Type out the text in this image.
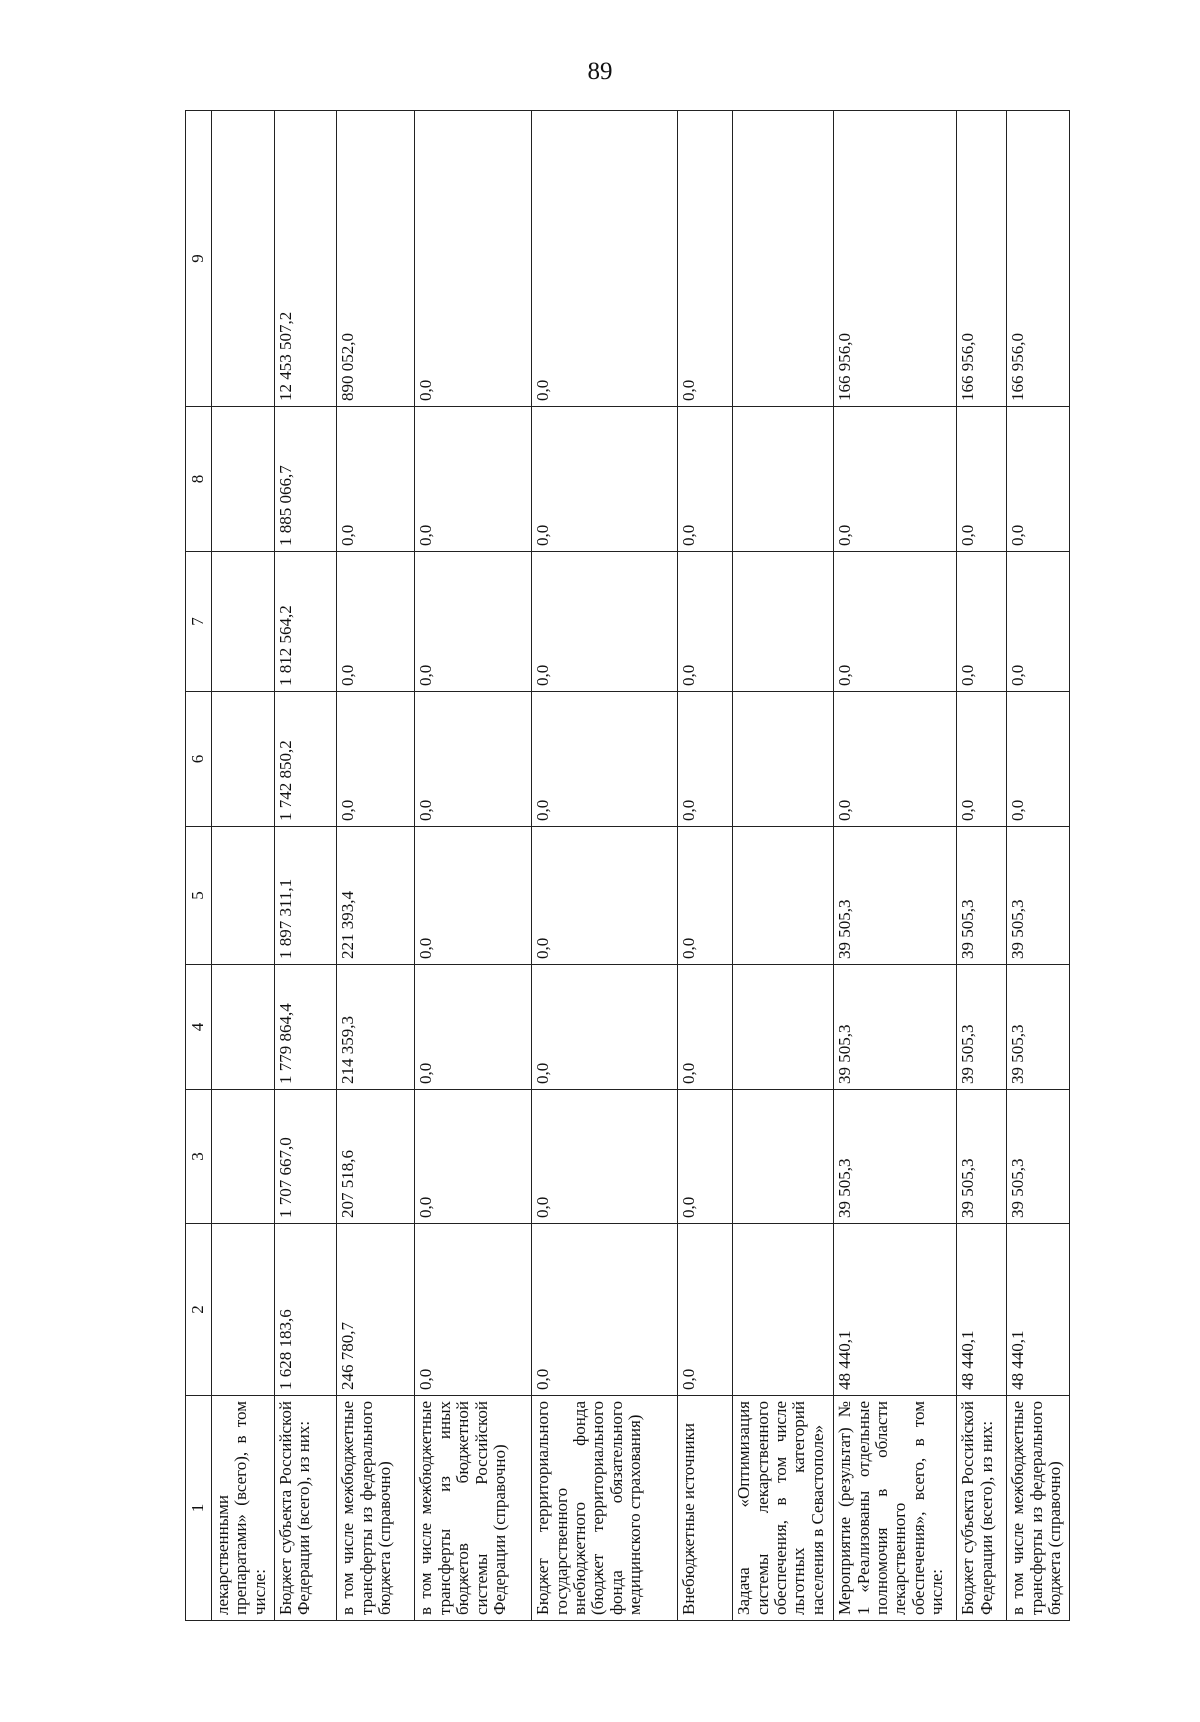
89
1	2	3	4	5	6	7	8	9
лекарственными препаратами» (всего), в том числе:								
Бюджет субъекта Российской Федерации (всего), из них:	1 628 183,6	1 707 667,0	1 779 864,4	1 897 311,1	1 742 850,2	1 812 564,2	1 885 066,7	12 453 507,2
в том числе межбюджетные трансферты из федерального бюджета (справочно)	246 780,7	207 518,6	214 359,3	221 393,4	0,0	0,0	0,0	890 052,0
в том числе межбюджетные трансферты из иных бюджетов бюджетной системы Российской Федерации (справочно)	0,0	0,0	0,0	0,0	0,0	0,0	0,0	0,0
Бюджет территориального государственного внебюджетного фонда (бюджет территориального фонда обязательного медицинского страхования)	0,0	0,0	0,0	0,0	0,0	0,0	0,0	0,0
Внебюджетные источники	0,0	0,0	0,0	0,0	0,0	0,0	0,0	0,0
Задача «Оптимизация системы лекарственного обеспечения, в том числе льготных категорий населения в Севастополе»								
Мероприятие (результат) № 1 «Реализованы отдельные полномочия в области лекарственного обеспечения», всего, в том числе:	48 440,1	39 505,3	39 505,3	39 505,3	0,0	0,0	0,0	166 956,0
Бюджет субъекта Российской Федерации (всего), из них:	48 440,1	39 505,3	39 505,3	39 505,3	0,0	0,0	0,0	166 956,0
в том числе межбюджетные трансферты из федерального бюджета (справочно)	48 440,1	39 505,3	39 505,3	39 505,3	0,0	0,0	0,0	166 956,0
